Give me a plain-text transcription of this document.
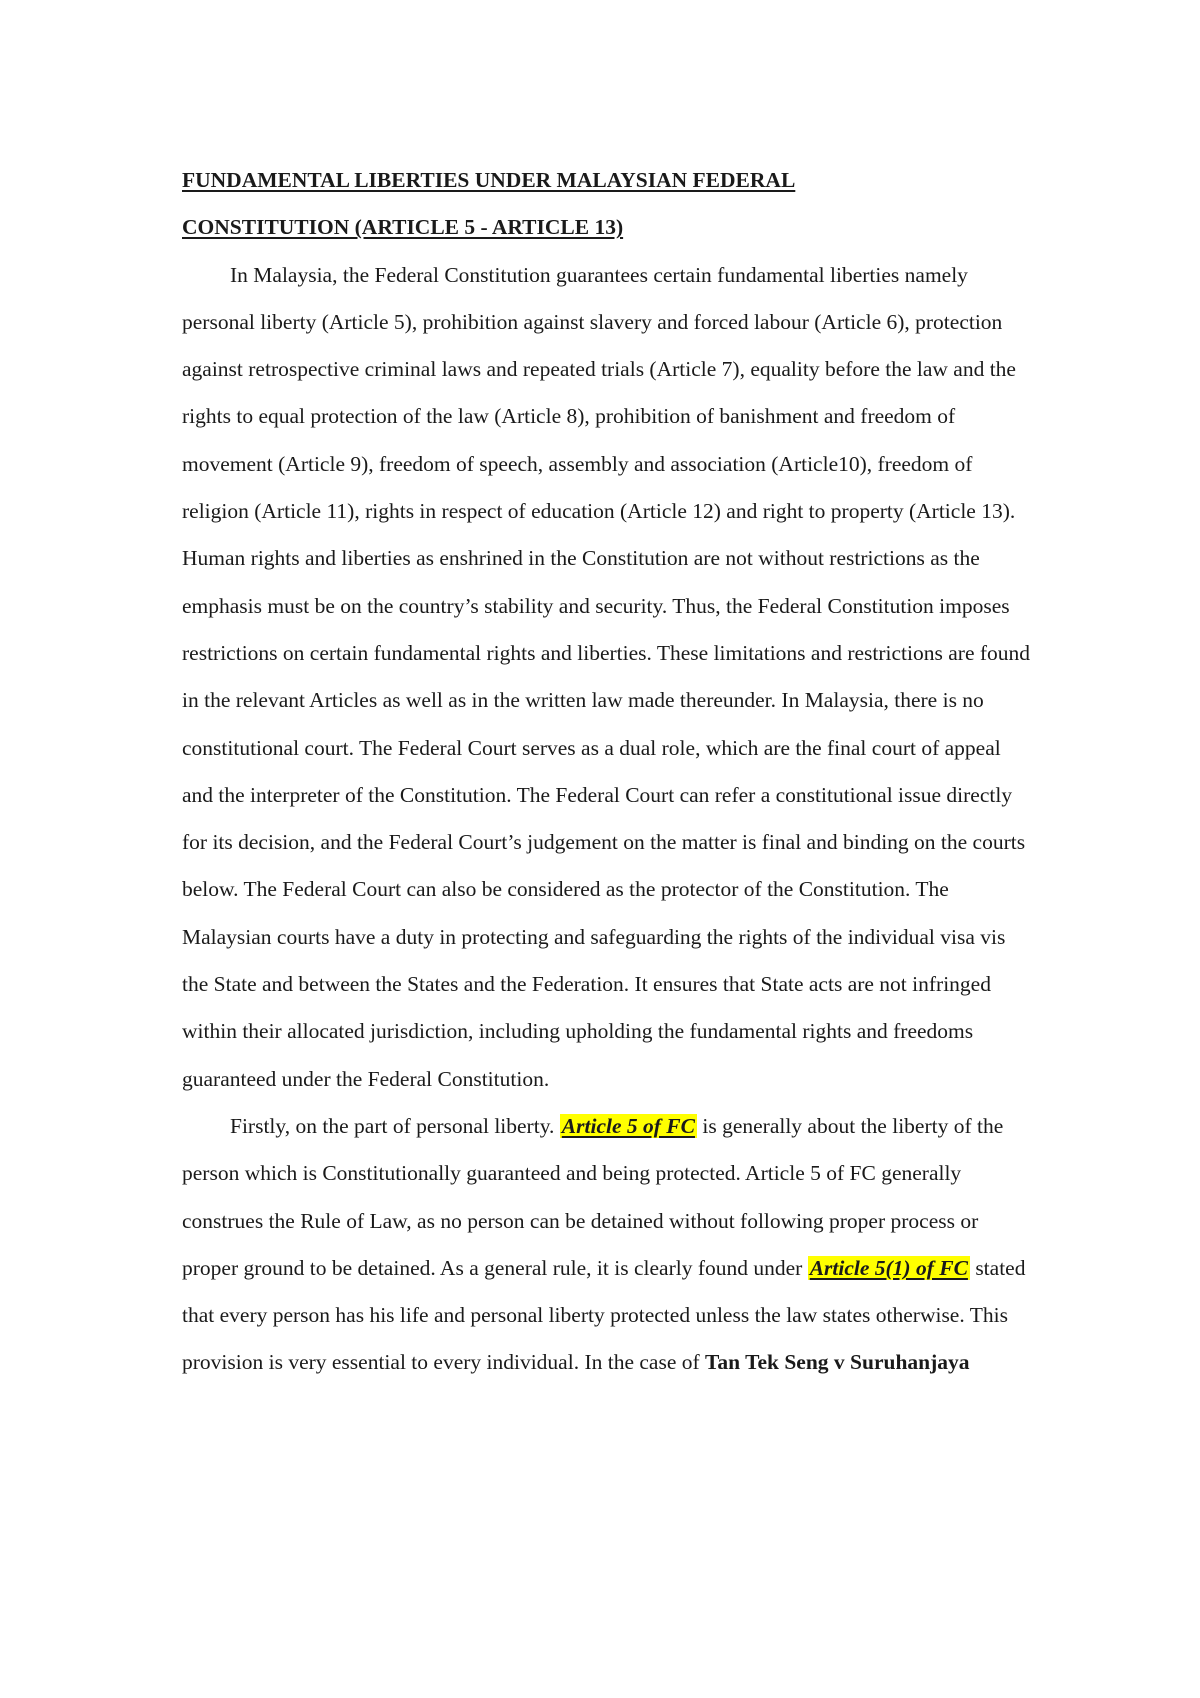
FUNDAMENTAL LIBERTIES UNDER MALAYSIAN FEDERAL

CONSTITUTION (ARTICLE 5 - ARTICLE 13)

In Malaysia, the Federal Constitution guarantees certain fundamental liberties namely personal liberty (Article 5), prohibition against slavery and forced labour (Article 6), protection against retrospective criminal laws and repeated trials (Article 7), equality before the law and the rights to equal protection of the law (Article 8), prohibition of banishment and freedom of movement (Article 9), freedom of speech, assembly and association (Article10), freedom of religion (Article 11), rights in respect of education (Article 12) and right to property (Article 13). Human rights and liberties as enshrined in the Constitution are not without restrictions as the emphasis must be on the country’s stability and security. Thus, the Federal Constitution imposes restrictions on certain fundamental rights and liberties. These limitations and restrictions are found in the relevant Articles as well as in the written law made thereunder. In Malaysia, there is no constitutional court. The Federal Court serves as a dual role, which are the final court of appeal and the interpreter of the Constitution. The Federal Court can refer a constitutional issue directly for its decision, and the Federal Court’s judgement on the matter is final and binding on the courts below. The Federal Court can also be considered as the protector of the Constitution. The Malaysian courts have a duty in protecting and safeguarding the rights of the individual visa vis the State and between the States and the Federation. It ensures that State acts are not infringed within their allocated jurisdiction, including upholding the fundamental rights and freedoms guaranteed under the Federal Constitution.

Firstly, on the part of personal liberty. Article 5 of FC is generally about the liberty of the person which is Constitutionally guaranteed and being protected. Article 5 of FC generally construes the Rule of Law, as no person can be detained without following proper process or proper ground to be detained. As a general rule, it is clearly found under Article 5(1) of FC stated that every person has his life and personal liberty protected unless the law states otherwise. This provision is very essential to every individual. In the case of Tan Tek Seng v Suruhanjaya
